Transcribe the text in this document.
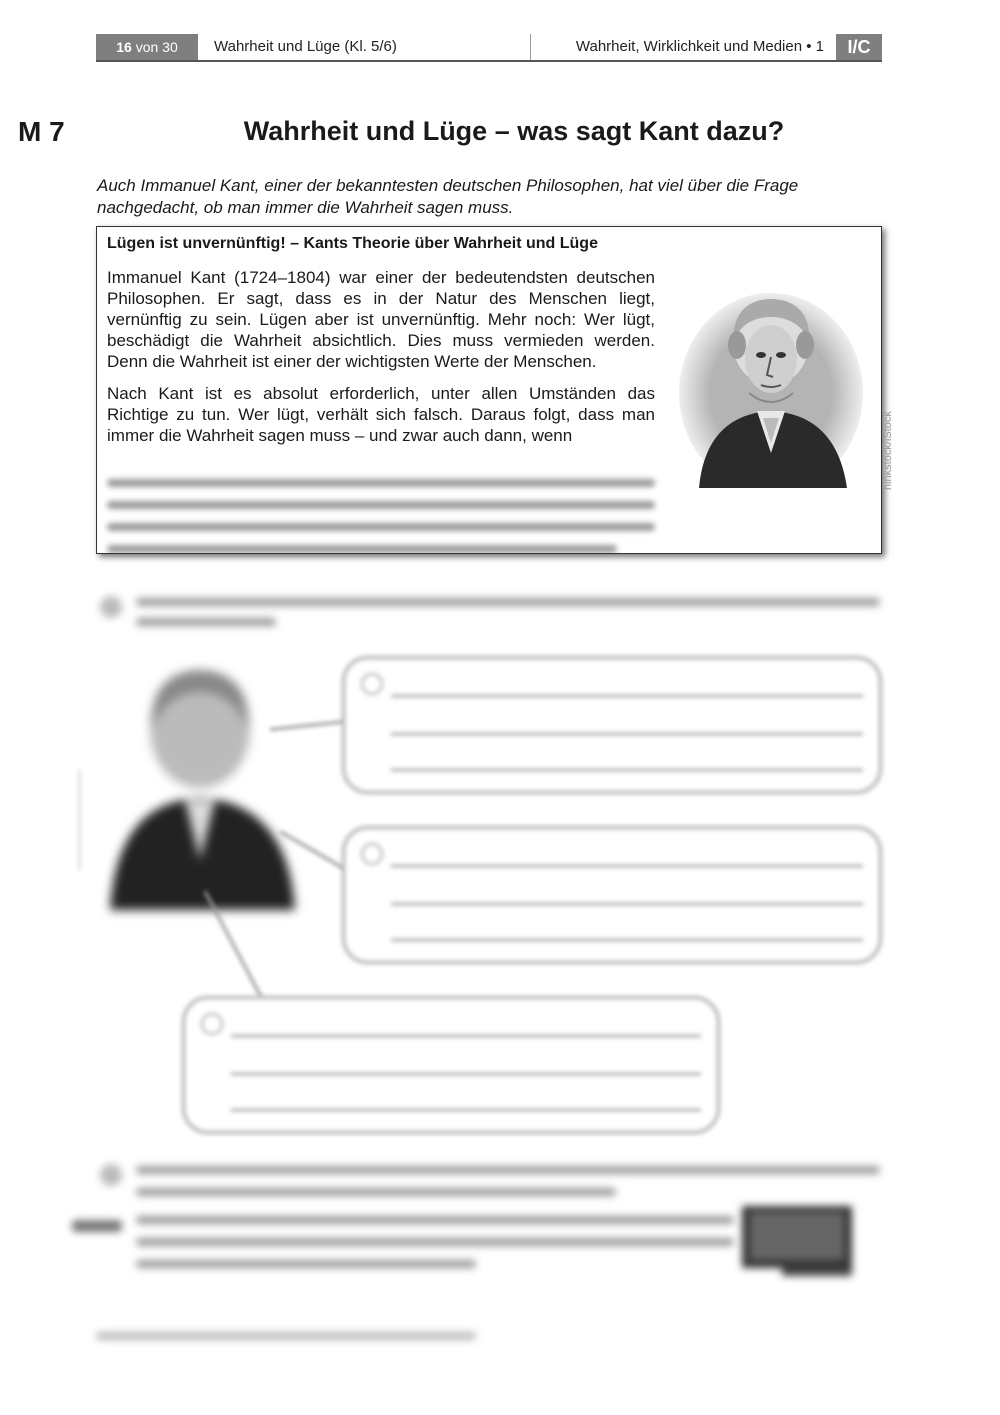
16 von 30	Wahrheit und Lüge (Kl. 5/6)	Wahrheit, Wirklichkeit und Medien • 1	I/C
M 7	Wahrheit und Lüge – was sagt Kant dazu?
Auch Immanuel Kant, einer der bekanntesten deutschen Philosophen, hat viel über die Frage nachgedacht, ob man immer die Wahrheit sagen muss.
Lügen ist unvernünftig! – Kants Theorie über Wahrheit und Lüge

Immanuel Kant (1724–1804) war einer der bedeutendsten deutschen Philosophen. Er sagt, dass es in der Natur des Menschen liegt, vernünftig zu sein. Lügen aber ist unvernünftig. Mehr noch: Wer lügt, beschädigt die Wahrheit absichtlich. Dies muss vermieden werden. Denn die Wahrheit ist einer der wichtigsten Werte der Menschen.

Nach Kant ist es absolut erforderlich, unter allen Umständen das Richtige zu tun. Wer lügt, verhält sich falsch. Daraus folgt, dass man immer die Wahrheit sagen muss – und zwar auch dann, wenn	hinkstock/iStock
